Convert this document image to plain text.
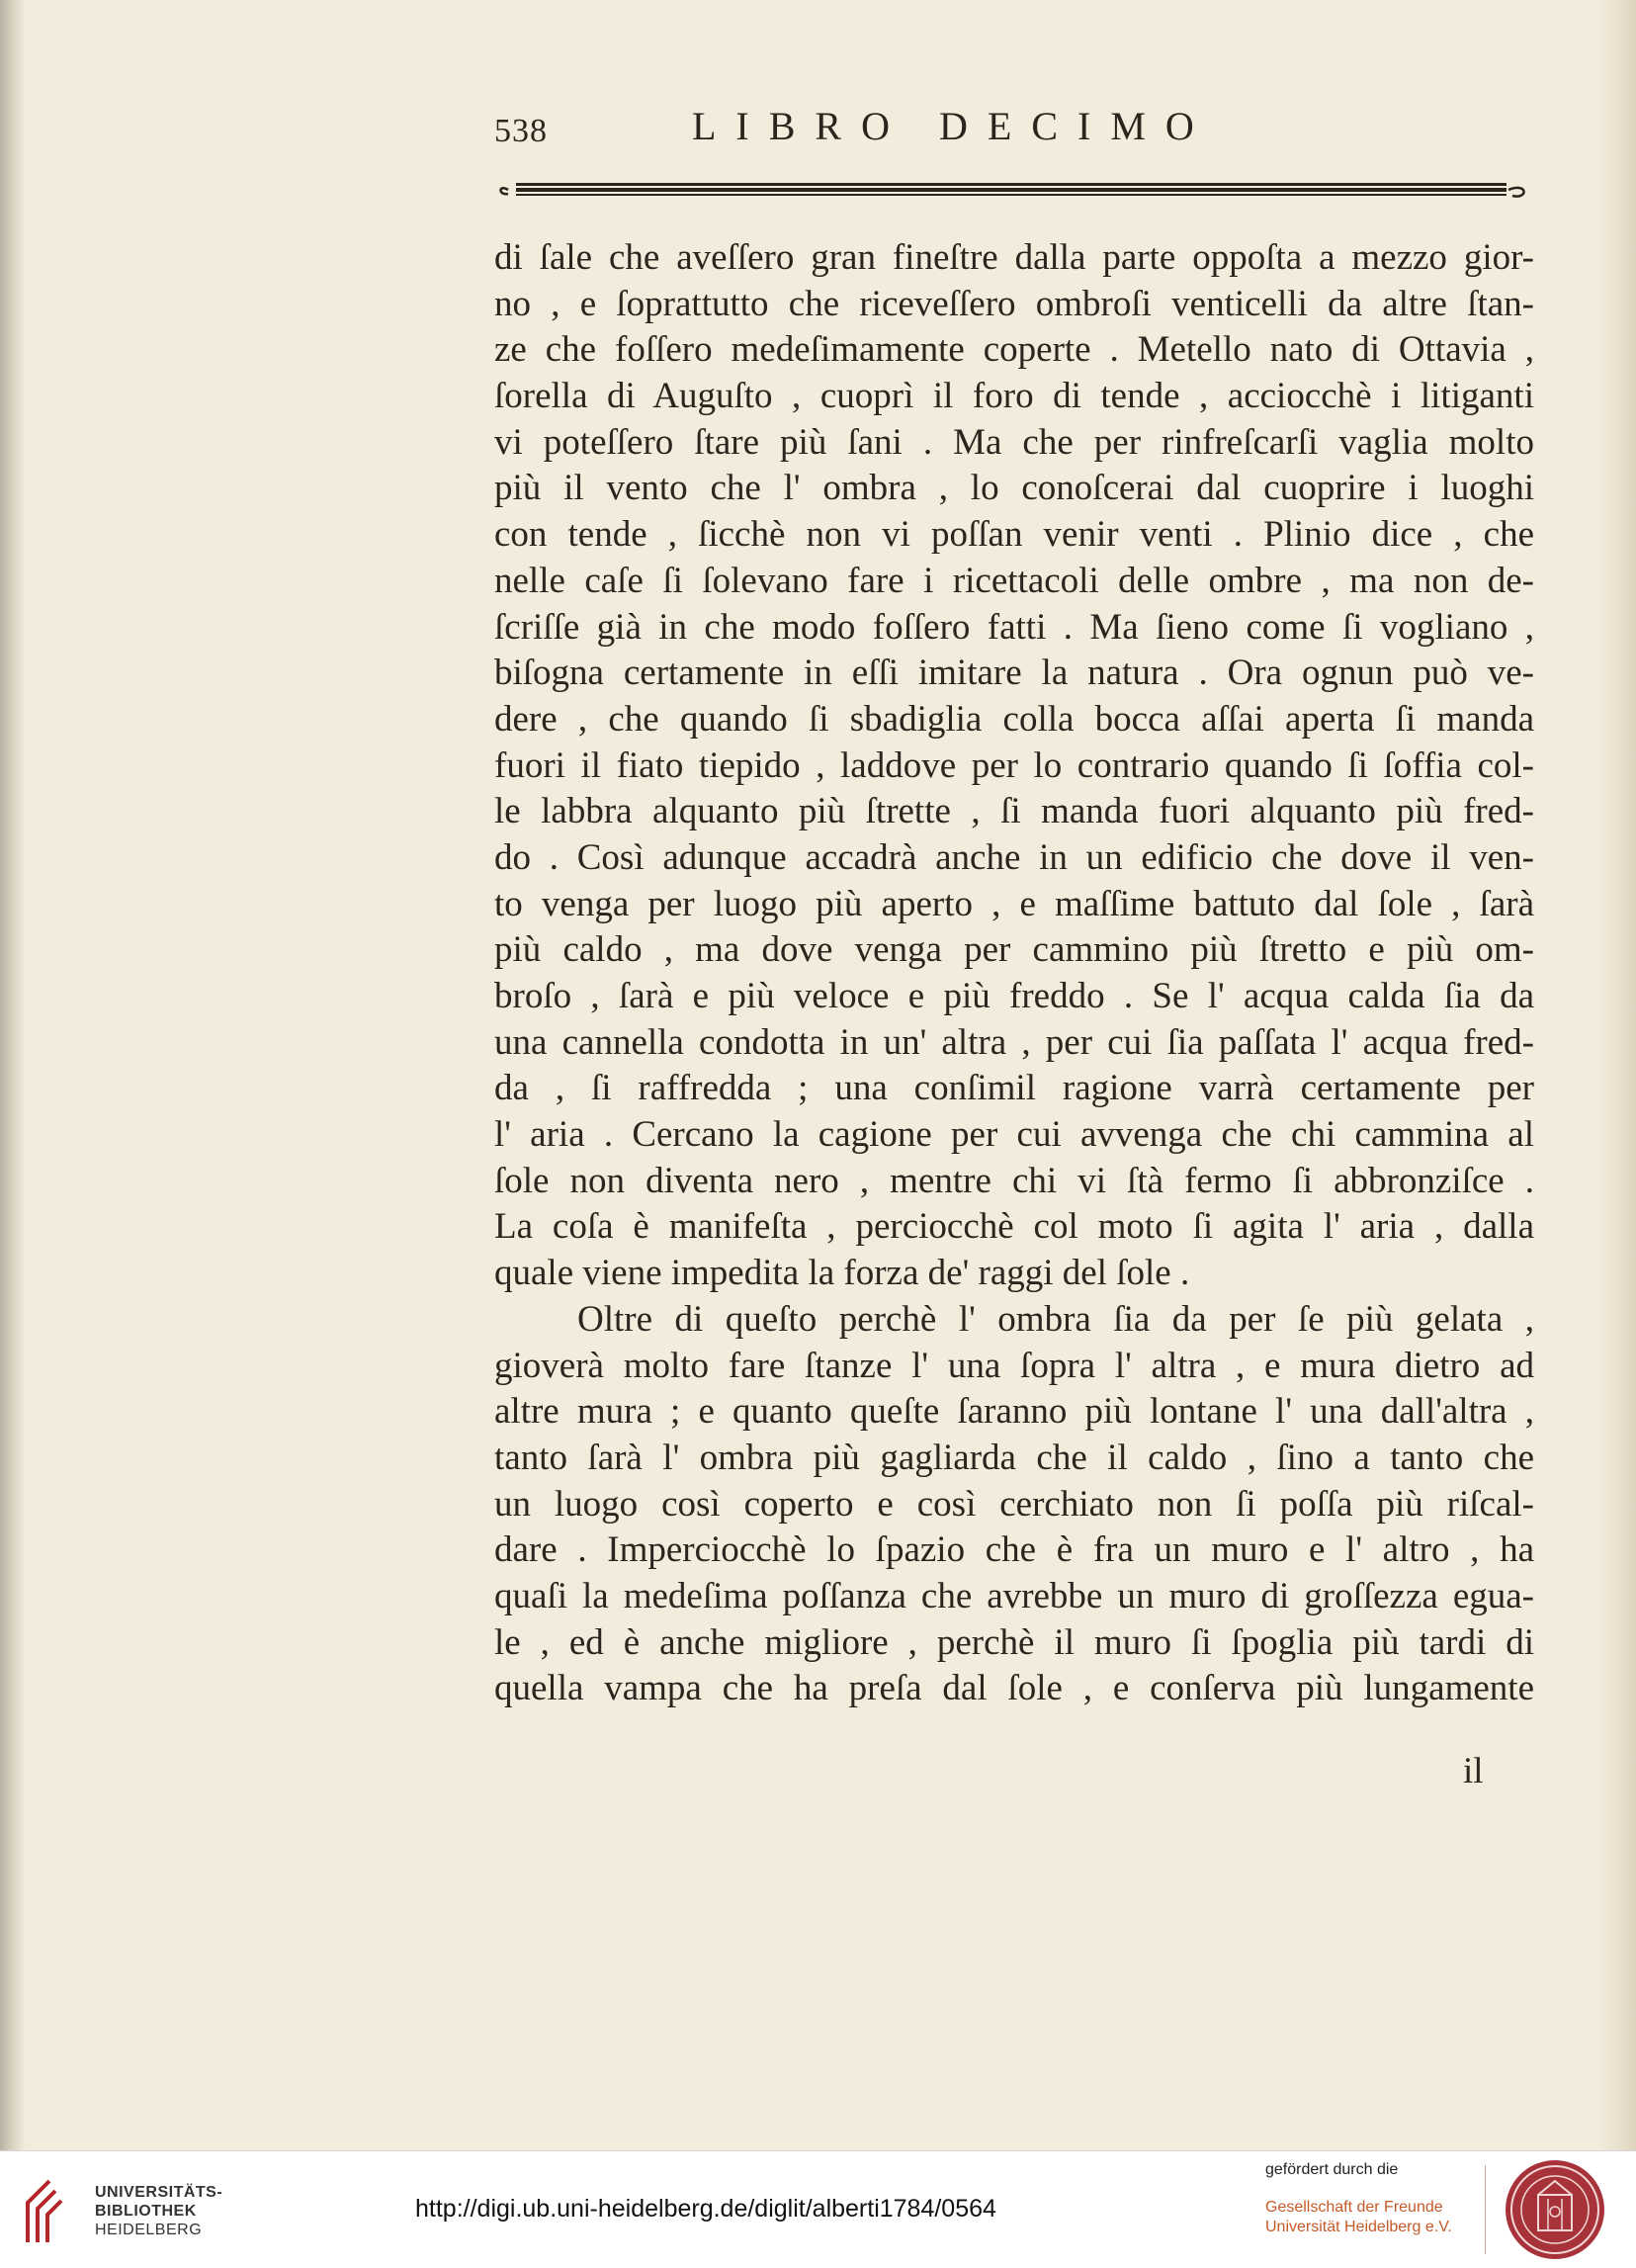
538	LIBRO DECIMO
di ſale che aveſſero gran fineſtre dalla parte oppoſta a mezzo gior-
no , e ſoprattutto che riceveſſero ombroſi venticelli da altre ſtan-
ze che foſſero medeſimamente coperte . Metello nato di Ottavia ,
ſorella di Auguſto , cuoprì il foro di tende , acciocchè i litiganti
vi poteſſero ſtare più ſani . Ma che per rinfreſcarſi vaglia molto
più il vento che l' ombra , lo conoſcerai dal cuoprire i luoghi
con tende , ſicchè non vi poſſan venir venti . Plinio dice , che
nelle caſe ſi ſolevano fare i ricettacoli delle ombre , ma non de-
ſcriſſe già in che modo foſſero fatti . Ma ſieno come ſi vogliano ,
biſogna certamente in eſſi imitare la natura . Ora ognun può ve-
dere , che quando ſi sbadiglia colla bocca aſſai aperta ſi manda
fuori il fiato tiepido , laddove per lo contrario quando ſi ſoffia col-
le labbra alquanto più ſtrette , ſi manda fuori alquanto più fred-
do . Così adunque accadrà anche in un edificio che dove il ven-
to venga per luogo più aperto , e maſſime battuto dal ſole , ſarà
più caldo , ma dove venga per cammino più ſtretto e più om-
broſo , ſarà e più veloce e più freddo . Se l' acqua calda ſia da
una cannella condotta in un' altra , per cui ſia paſſata l' acqua fred-
da , ſi raffredda ; una conſimil ragione varrà certamente per
l' aria . Cercano la cagione per cui avvenga che chi cammina al
ſole non diventa nero , mentre chi vi ſtà fermo ſi abbronziſce .
La coſa è manifeſta , perciocchè col moto ſi agita l' aria , dalla
quale viene impedita la forza de' raggi del ſole .
Oltre di queſto perchè l' ombra ſia da per ſe più gelata ,
gioverà molto fare ſtanze l' una ſopra l' altra , e mura dietro ad
altre mura ; e quanto queſte ſaranno più lontane l' una dall'altra ,
tanto ſarà l' ombra più gagliarda che il caldo , ſino a tanto che
un luogo così coperto e così cerchiato non ſi poſſa più riſcal-
dare . Imperciocchè lo ſpazio che è fra un muro e l' altro , ha
quaſi la medeſima poſſanza che avrebbe un muro di groſſezza egua-
le , ed è anche migliore , perchè il muro ſi ſpoglia più tardi di
quella vampa che ha preſa dal ſole , e conſerva più lungamente
il
UNIVERSITÄTS-
BIBLIOTHEK
HEIDELBERG
http://digi.ub.uni-heidelberg.de/diglit/alberti1784/0564
gefördert durch die
Gesellschaft der Freunde
Universität Heidelberg e.V.
